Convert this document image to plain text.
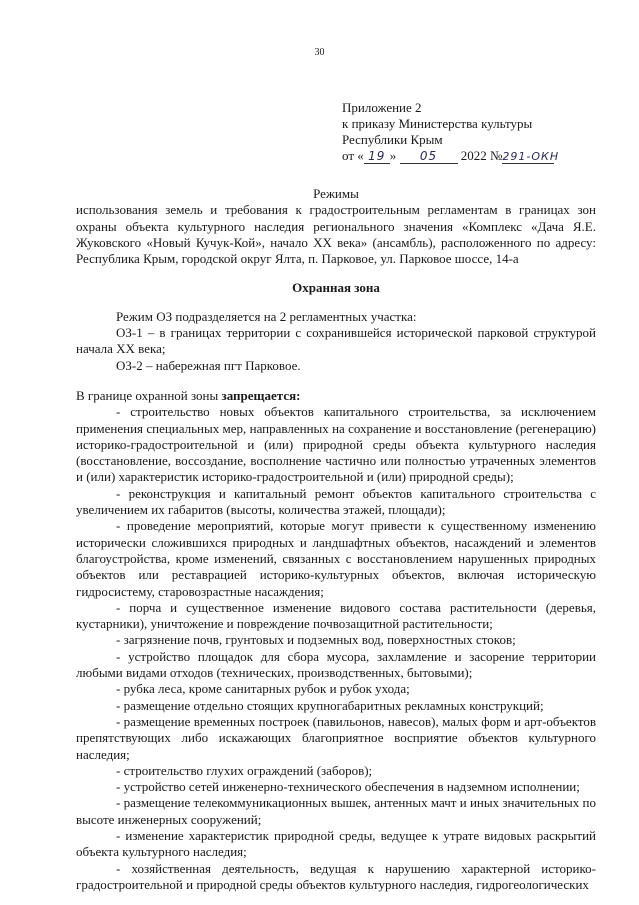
30
Приложение 2
к приказу Министерства культуры
Республики Крым
от « 19 » 05 2022 №291-ОКН

Режимы

использования земель и требования к градостроительным регламентам в границах зон охраны объекта культурного наследия регионального значения «Комплекс «Дача Я.Е. Жуковского «Новый Кучук-Кой», начало XX века» (ансамбль), расположенного по адресу: Республика Крым, городской округ Ялта, п. Парковое, ул. Парковое шоссе, 14-а

Охранная зона

Режим ОЗ подразделяется на 2 регламентных участка:

ОЗ-1 – в границах территории с сохранившейся исторической парковой структурой начала XX века;

ОЗ-2 – набережная пгт Парковое.

В границе охранной зоны запрещается:

- строительство новых объектов капитального строительства, за исключением применения специальных мер, направленных на сохранение и восстановление (регенерацию) историко-градостроительной и (или) природной среды объекта культурного наследия (восстановление, воссоздание, восполнение частично или полностью утраченных элементов и (или) характеристик историко-градостроительной и (или) природной среды);

- реконструкция и капитальный ремонт объектов капитального строительства с увеличением их габаритов (высоты, количества этажей, площади);

- проведение мероприятий, которые могут привести к существенному изменению исторически сложившихся природных и ландшафтных объектов, насаждений и элементов благоустройства, кроме изменений, связанных с восстановлением нарушенных природных объектов или реставрацией историко-культурных объектов, включая историческую гидросистему, старовозрастные насаждения;

- порча и существенное изменение видового состава растительности (деревья, кустарники), уничтожение и повреждение почвозащитной растительности;

- загрязнение почв, грунтовых и подземных вод, поверхностных стоков;

- устройство площадок для сбора мусора, захламление и засорение территории любыми видами отходов (технических, производственных, бытовыми);

- рубка леса, кроме санитарных рубок и рубок ухода;

- размещение отдельно стоящих крупногабаритных рекламных конструкций;

- размещение временных построек (павильонов, навесов), малых форм и арт-объектов препятствующих либо искажающих благоприятное восприятие объектов культурного наследия;

- строительство глухих ограждений (заборов);

- устройство сетей инженерно-технического обеспечения в надземном исполнении;

- размещение телекоммуникационных вышек, антенных мачт и иных значительных по высоте инженерных сооружений;

- изменение характеристик природной среды, ведущее к утрате видовых раскрытий объекта культурного наследия;

- хозяйственная деятельность, ведущая к нарушению характерной историко-градостроительной и природной среды объектов культурного наследия, гидрогеологических
